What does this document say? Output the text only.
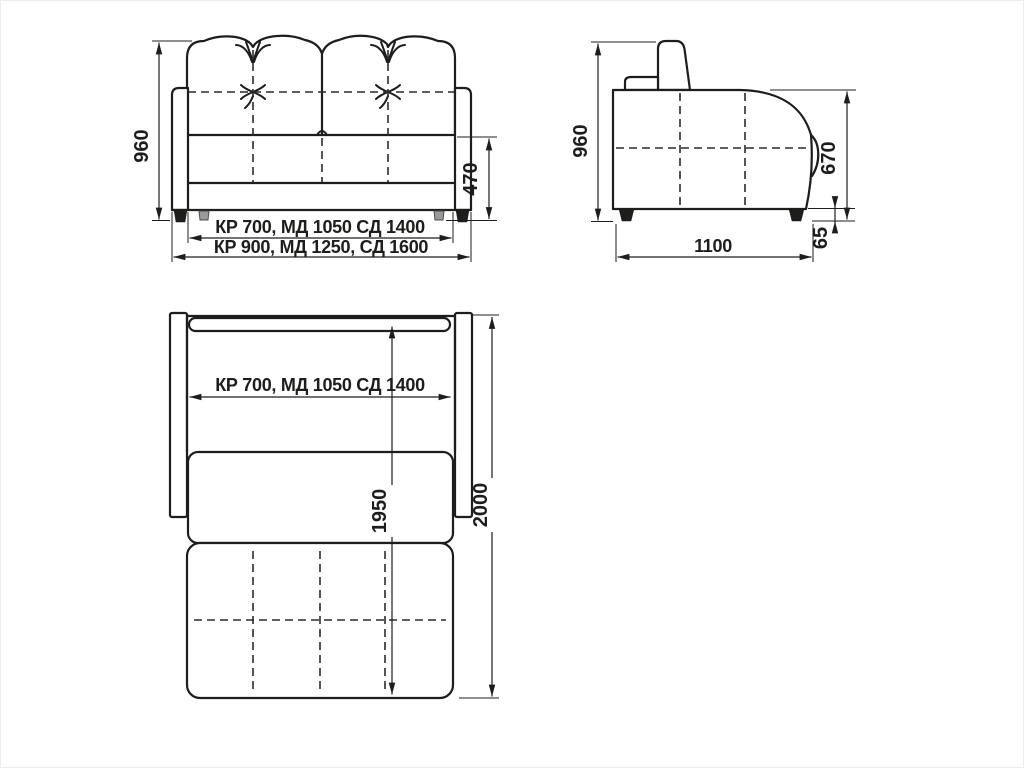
960
470
КР 700, МД 1050 СД 1400
КР 900, МД 1250, СД 1600
960
670
65
1100
КР 700, МД 1050 СД 1400
1950	2000
